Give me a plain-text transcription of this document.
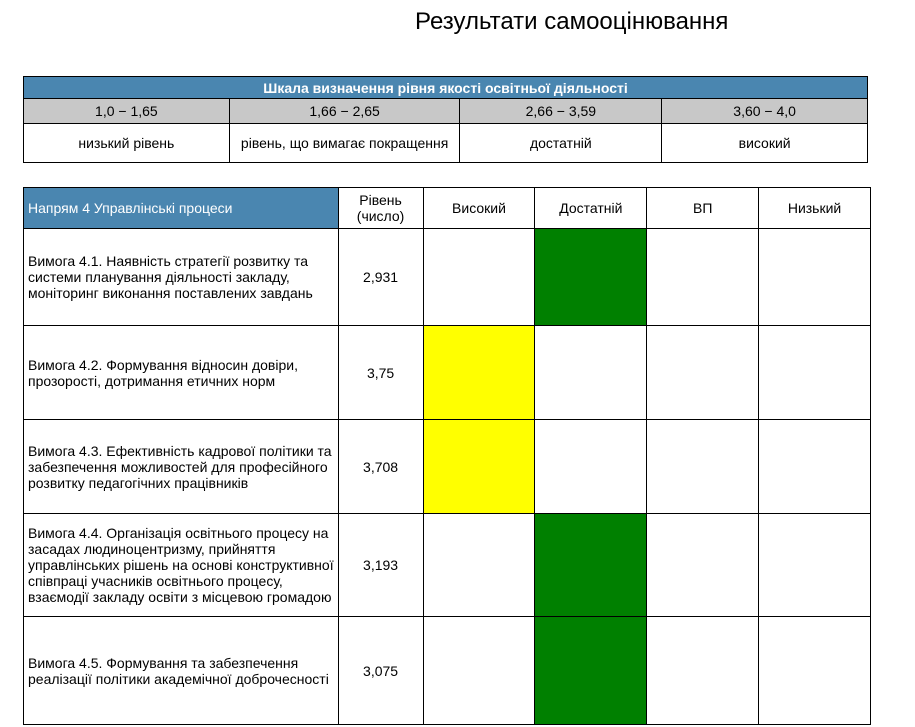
Результати самооцінювання
Шкала визначення рівня якості освітньої діяльності			
1,0 − 1,65	1,66 − 2,65	2,66 − 3,59	3,60 − 4,0
низький рівень	рівень, що вимагає покращення	достатній	високий
Напрям 4 Управлінські процеси	Рівень (число)	Високий	Достатній	ВП	Низький
Вимога 4.1. Наявність стратегії розвитку та системи планування діяльності закладу, моніторинг виконання поставлених завдань	2,931				
Вимога 4.2. Формування відносин довіри, прозорості, дотримання етичних норм	3,75				
Вимога 4.3. Ефективність кадрової політики та забезпечення можливостей для професійного розвитку педагогічних працівників	3,708				
Вимога 4.4. Організація освітнього процесу на засадах людиноцентризму, прийняття управлінських рішень на основі конструктивної співпраці учасників освітнього процесу, взаємодії закладу освіти з місцевою громадою	3,193				
Вимога 4.5. Формування та забезпечення реалізації політики академічної доброчесності	3,075				
